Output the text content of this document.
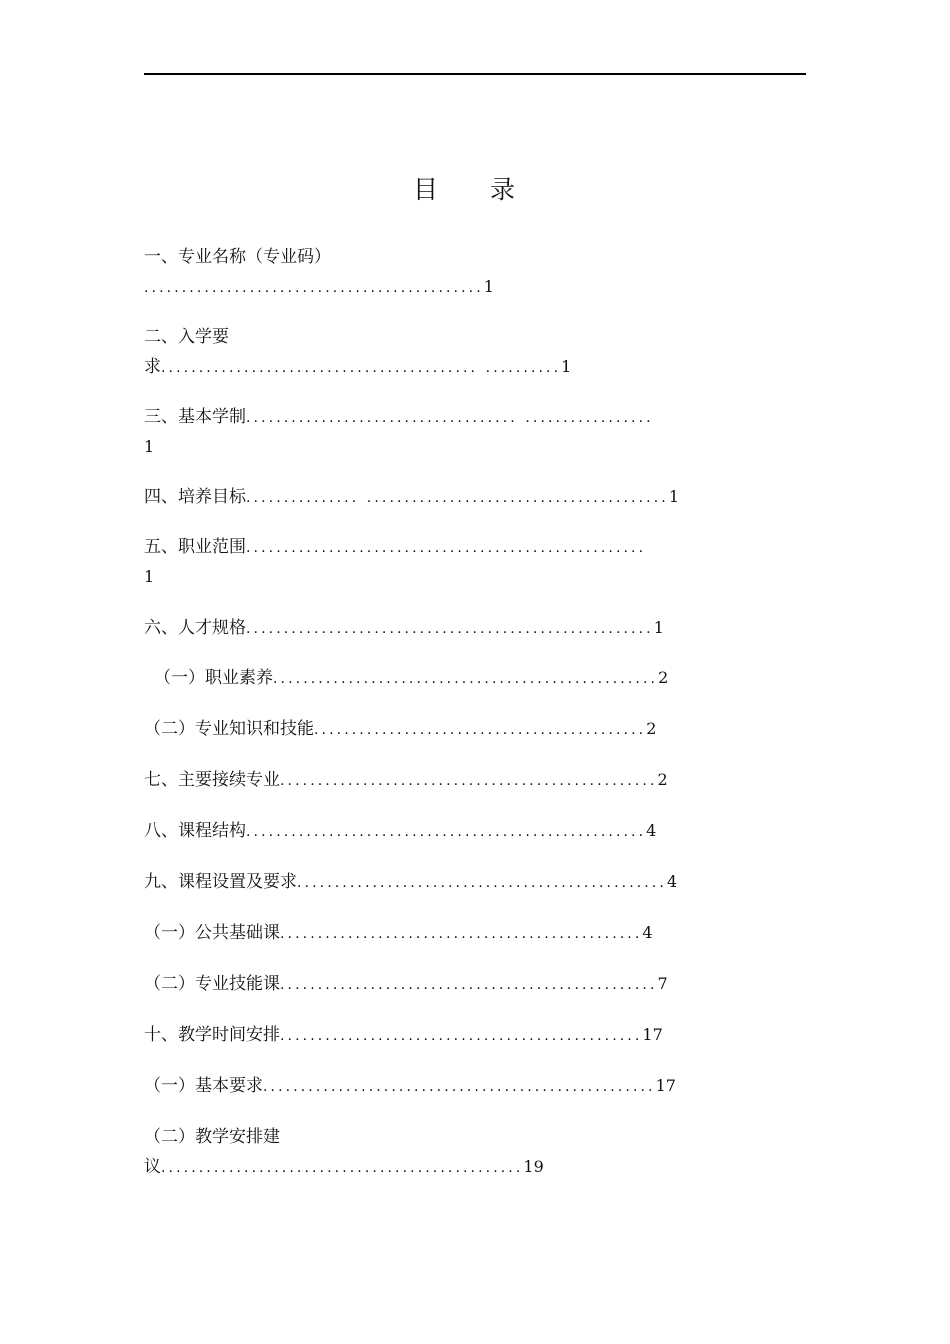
目 录
一、专业名称（专业码）
.............................................1
二、入学要
求.......................................... ..........1
三、基本学制.................................... .................
1
四、培养目标............... ........................................1
五、职业范围.....................................................
1
六、人才规格......................................................1
（一）职业素养...................................................2
（二）专业知识和技能............................................2
七、主要接续专业..................................................2
八、课程结构.....................................................4
九、课程设置及要求.................................................4
（一）公共基础课................................................4
（二）专业技能课..................................................7
十、教学时间安排................................................17
（一）基本要求....................................................17
（二）教学安排建
议................................................19
